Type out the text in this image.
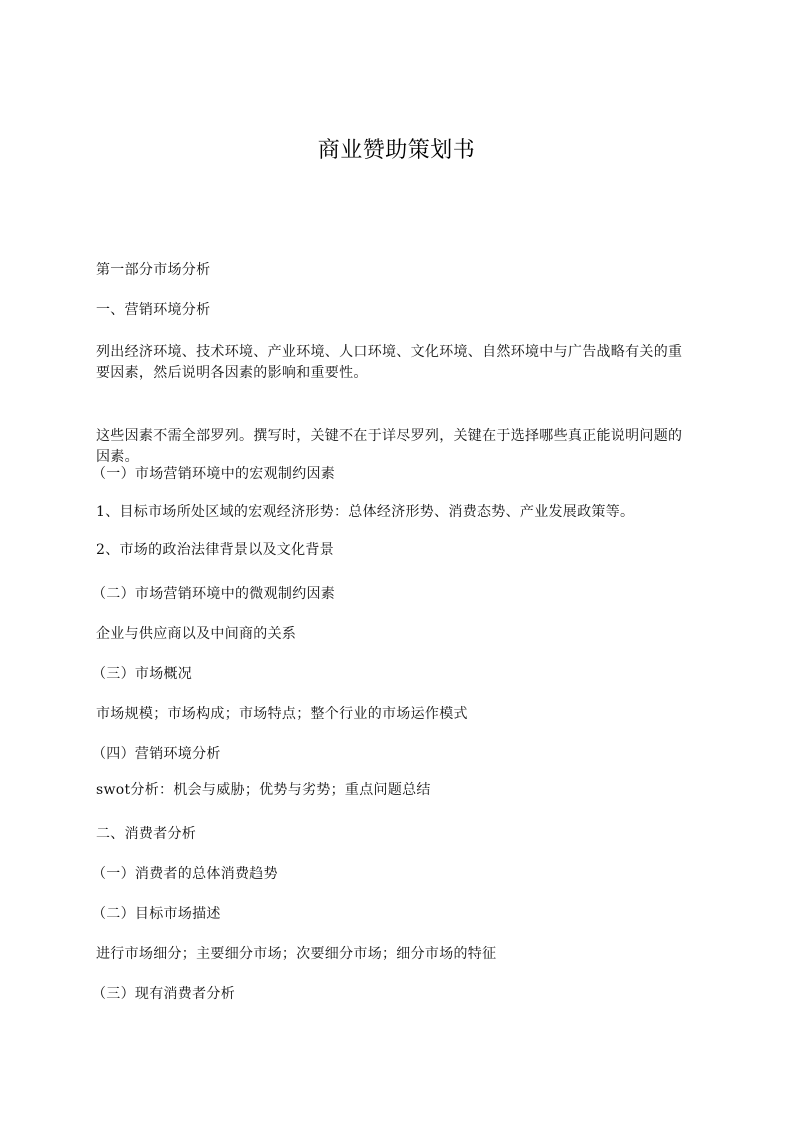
商业赞助策划书

第一部分市场分析

一、营销环境分析

列出经济环境、技术环境、产业环境、人口环境、文化环境、自然环境中与广告战略有关的重要因素，然后说明各因素的影响和重要性。

这些因素不需全部罗列。撰写时，关键不在于详尽罗列，关键在于选择哪些真正能说明问题的因素。

（一）市场营销环境中的宏观制约因素

1、目标市场所处区域的宏观经济形势：总体经济形势、消费态势、产业发展政策等。

2、市场的政治法律背景以及文化背景

（二）市场营销环境中的微观制约因素

企业与供应商以及中间商的关系

（三）市场概况

市场规模；市场构成；市场特点；整个行业的市场运作模式

（四）营销环境分析

swot分析：机会与威胁；优势与劣势；重点问题总结

二、消费者分析

（一）消费者的总体消费趋势

（二）目标市场描述

进行市场细分；主要细分市场；次要细分市场；细分市场的特征

（三）现有消费者分析
